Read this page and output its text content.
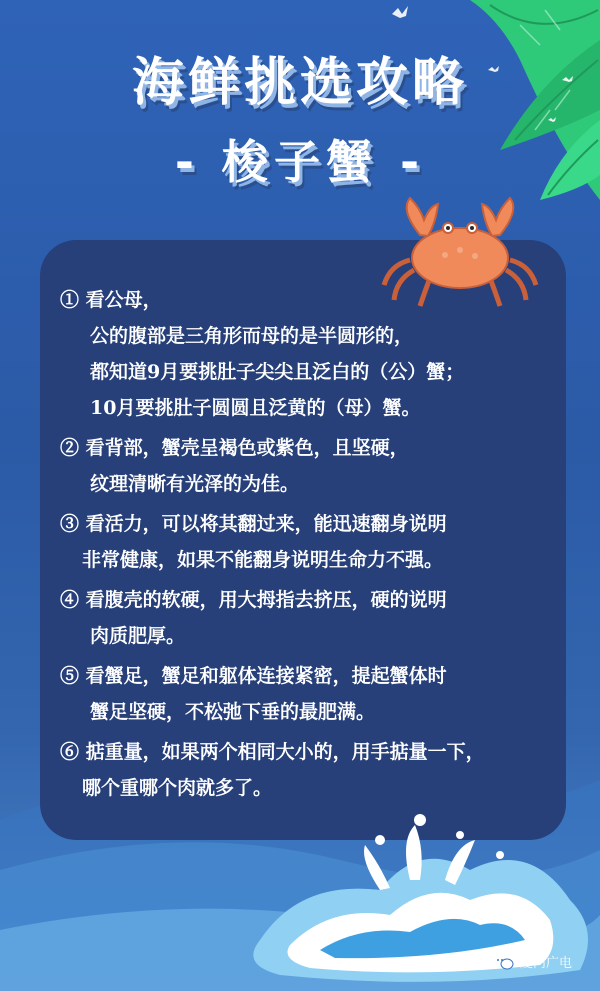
海鲜挑选攻略
- 梭子蟹 -
① 看公母，
公的腹部是三角形而母的是半圆形的，
都知道9月要挑肚子尖尖且泛白的（公）蟹；
10月要挑肚子圆圆且泛黄的（母）蟹。
② 看背部，蟹壳呈褐色或紫色，且坚硬，
纹理清晰有光泽的为佳。
③ 看活力，可以将其翻过来，能迅速翻身说明
非常健康，如果不能翻身说明生命力不强。
④ 看腹壳的软硬，用大拇指去挤压，硬的说明
肉质肥厚。
⑤ 看蟹足，蟹足和躯体连接紧密，提起蟹体时
蟹足坚硬，不松弛下垂的最肥满。
⑥ 掂重量，如果两个相同大小的，用手掂量一下，
哪个重哪个肉就多了。
厦门广电
